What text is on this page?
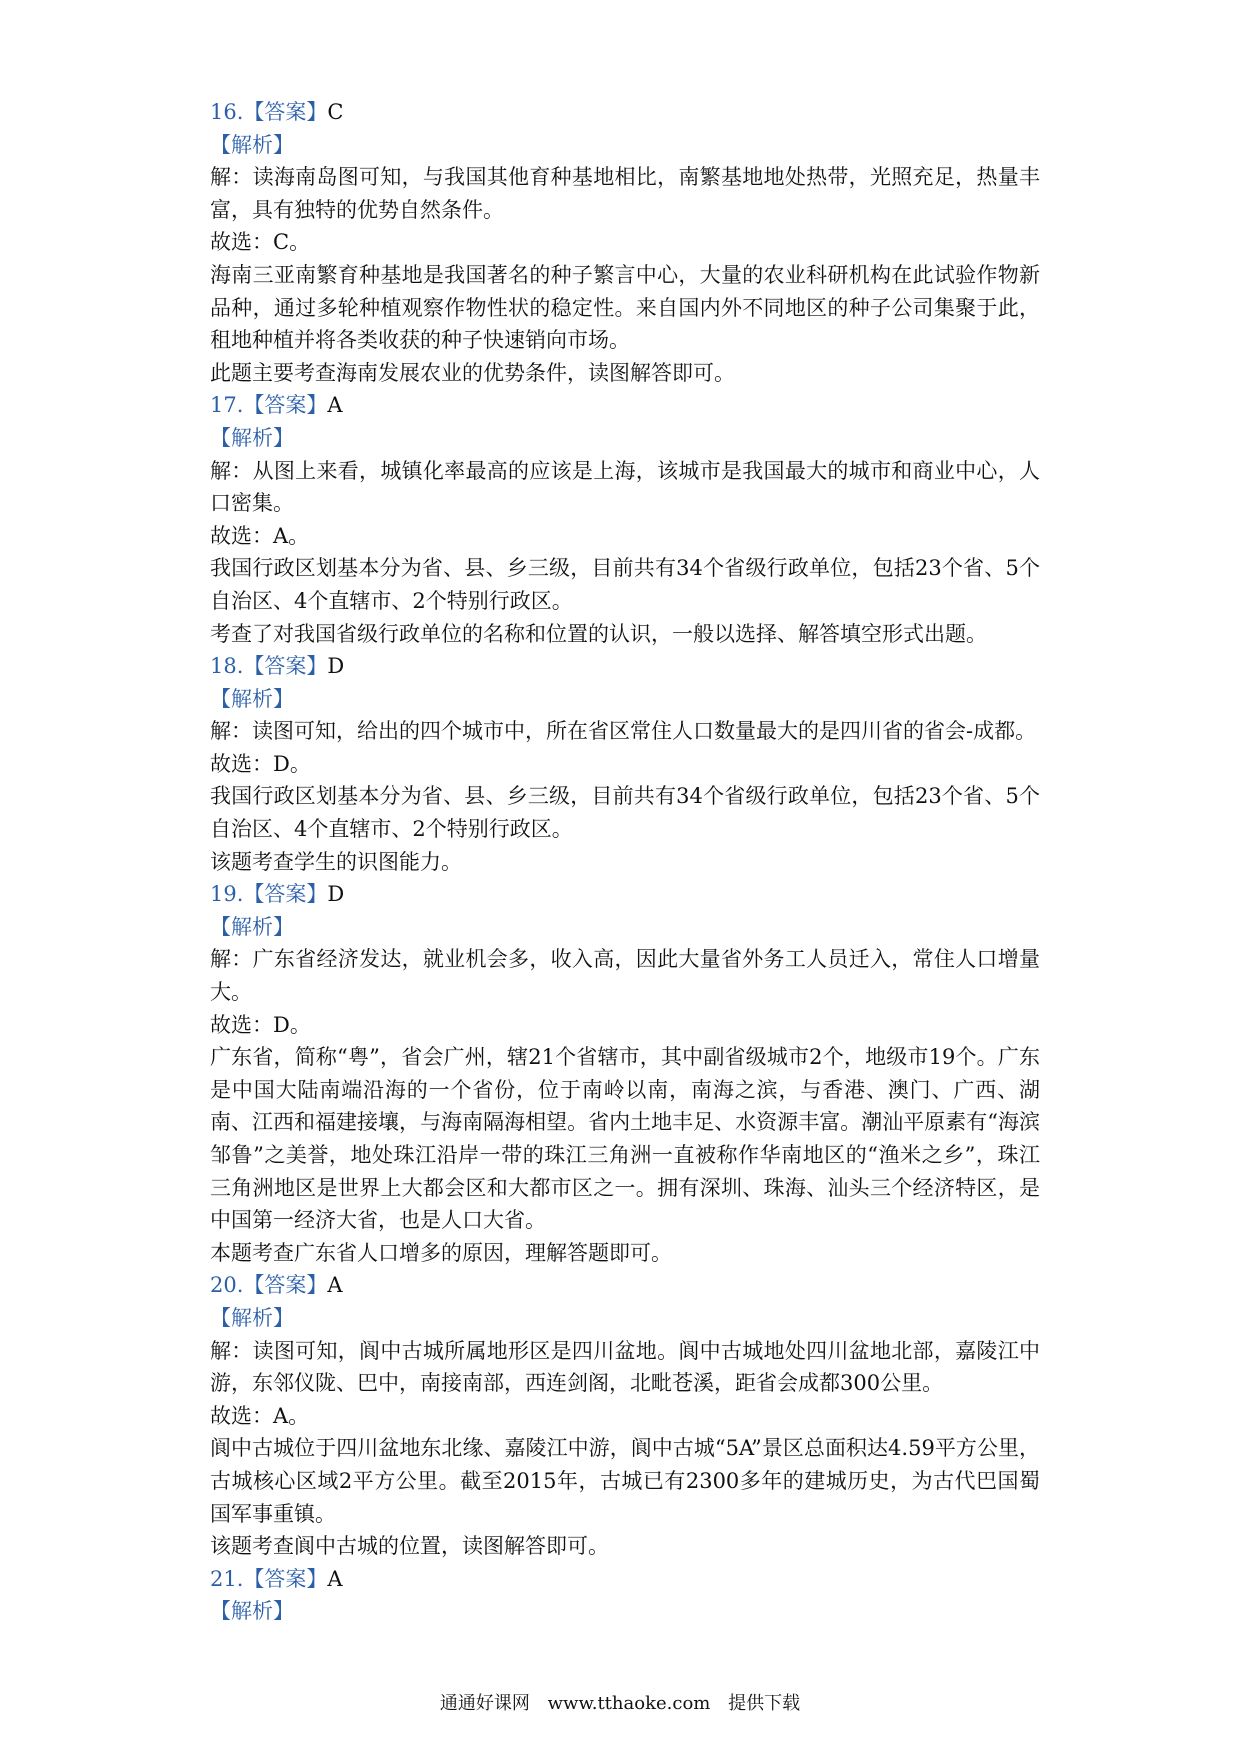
16.【答案】C

【解析】

解：读海南岛图可知，与我国其他育种基地相比，南繁基地地处热带，光照充足，热量丰富，具有独特的优势自然条件。

故选：C。

海南三亚南繁育种基地是我国著名的种子繁言中心，大量的农业科研机构在此试验作物新品种，通过多轮种植观察作物性状的稳定性。来自国内外不同地区的种子公司集聚于此，租地种植并将各类收获的种子快速销向市场。

此题主要考查海南发展农业的优势条件，读图解答即可。

17.【答案】A

【解析】

解：从图上来看，城镇化率最高的应该是上海，该城市是我国最大的城市和商业中心，人口密集。

故选：A。

我国行政区划基本分为省、县、乡三级，目前共有34个省级行政单位，包括23个省、5个自治区、4个直辖市、2个特别行政区。

考查了对我国省级行政单位的名称和位置的认识，一般以选择、解答填空形式出题。

18.【答案】D

【解析】

解：读图可知，给出的四个城市中，所在省区常住人口数量最大的是四川省的省会-成都。

故选：D。

我国行政区划基本分为省、县、乡三级，目前共有34个省级行政单位，包括23个省、5个自治区、4个直辖市、2个特别行政区。

该题考查学生的识图能力。

19.【答案】D

【解析】

解：广东省经济发达，就业机会多，收入高，因此大量省外务工人员迁入，常住人口增量大。

故选：D。

广东省，简称“粤”，省会广州，辖21个省辖市，其中副省级城市2个，地级市19个。广东是中国大陆南端沿海的一个省份，位于南岭以南，南海之滨，与香港、澳门、广西、湖南、江西和福建接壤，与海南隔海相望。省内土地丰足、水资源丰富。潮汕平原素有“海滨邹鲁”之美誉，地处珠江沿岸一带的珠江三角洲一直被称作华南地区的“渔米之乡”，珠江三角洲地区是世界上大都会区和大都市区之一。拥有深圳、珠海、汕头三个经济特区，是中国第一经济大省，也是人口大省。

本题考查广东省人口增多的原因，理解答题即可。

20.【答案】A

【解析】

解：读图可知，阆中古城所属地形区是四川盆地。阆中古城地处四川盆地北部，嘉陵江中游，东邻仪陇、巴中，南接南部，西连剑阁，北毗苍溪，距省会成都300公里。

故选：A。

阆中古城位于四川盆地东北缘、嘉陵江中游，阆中古城“5A”景区总面积达4.59平方公里，古城核心区域2平方公里。截至2015年，古城已有2300多年的建城历史，为古代巴国蜀国军事重镇。

该题考查阆中古城的位置，读图解答即可。

21.【答案】A

【解析】

通通好课网 www.tthaoke.com 提供下载
